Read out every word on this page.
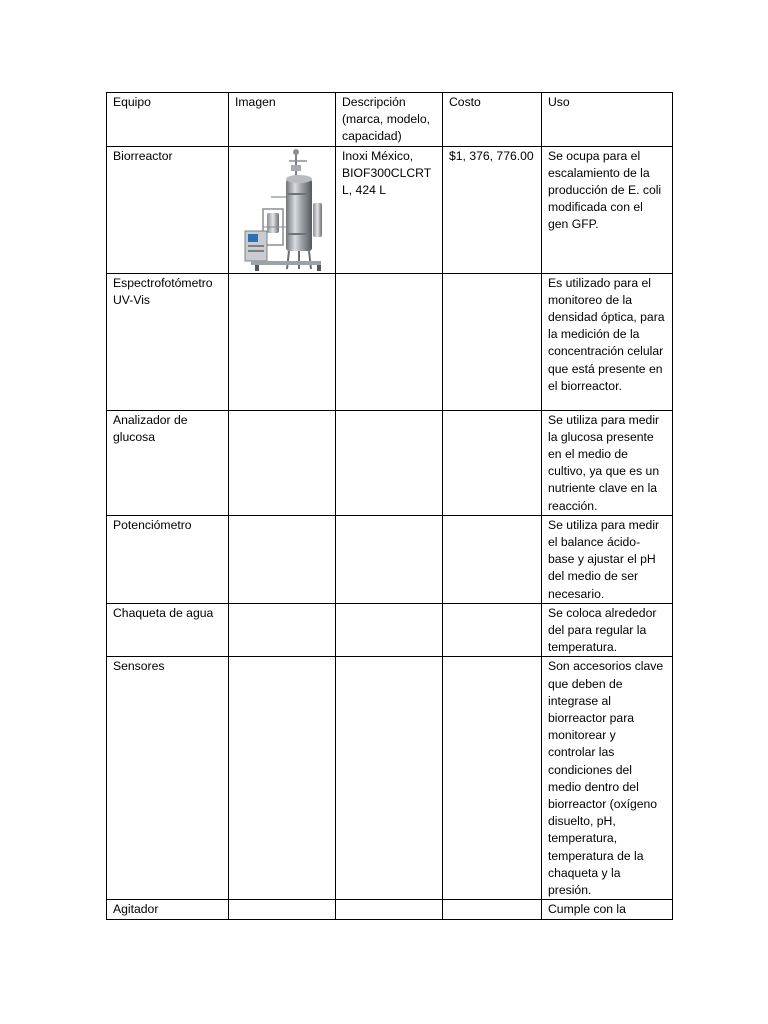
Equipo	Imagen	Descripción (marca, modelo, capacidad)	Costo	Uso
Biorreactor		Inoxi México, BIOF300CLCRTL, 424 L	$1, 376, 776.00	Se ocupa para el escalamiento de la producción de E. coli modificada con el gen GFP.
Espectrofotómetro UV-Vis				Es utilizado para el monitoreo de la densidad óptica, para la medición de la concentración celular que está presente en el biorreactor.
Analizador de glucosa				Se utiliza para medir la glucosa presente en el medio de cultivo, ya que es un nutriente clave en la reacción.
Potenciómetro				Se utiliza para medir el balance ácido-base y ajustar el pH del medio de ser necesario.
Chaqueta de agua				Se coloca alrededor del para regular la temperatura.
Sensores				Son accesorios clave que deben de integrase al biorreactor para monitorear y controlar las condiciones del medio dentro del biorreactor (oxígeno disuelto, pH, temperatura, temperatura de la chaqueta y la presión.
Agitador				Cumple con la
